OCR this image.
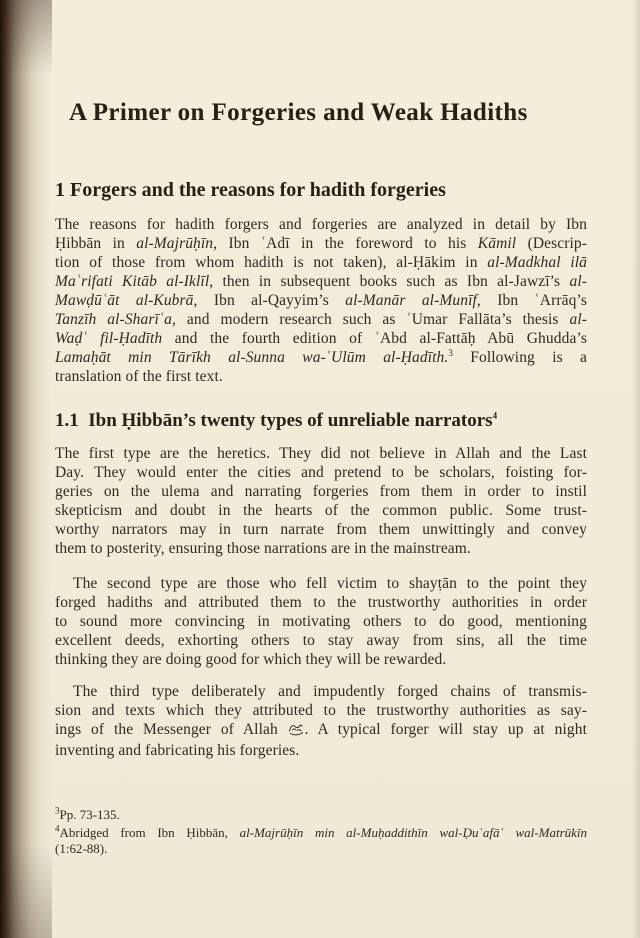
A Primer on Forgeries and Weak Hadiths
1 Forgers and the reasons for hadith forgeries
The reasons for hadith forgers and forgeries are analyzed in detail by Ibn
Ḥibbān in al-Majrūḥīn, Ibn ʿAdī in the foreword to his Kāmil (Descrip-
tion of those from whom hadith is not taken), al-Ḥākim in al-Madkhal ilā
Maʿrifati Kitāb al-Iklīl, then in subsequent books such as Ibn al-Jawzī’s al-
Mawḍūʿāt al-Kubrā, Ibn al-Qayyim’s al-Manār al-Munīf, Ibn ʿArrāq’s
Tanzīh al-Sharīʿa, and modern research such as ʿUmar Fallāta’s thesis al-
Waḍʿ fil-Ḥadīth and the fourth edition of ʿAbd al-Fattāḥ Abū Ghudda’s
Lamaḥāt min Tārīkh al-Sunna wa-ʿUlūm al-Ḥadīth.$^3$ Following is a
translation of the first text.
1.1  Ibn Ḥibbān’s twenty types of unreliable narrators$^4$
The first type are the heretics. They did not believe in Allah and the Last
Day. They would enter the cities and pretend to be scholars, foisting for-
geries on the ulema and narrating forgeries from them in order to instil
skepticism and doubt in the hearts of the common public. Some trust-
worthy narrators may in turn narrate from them unwittingly and convey
them to posterity, ensuring those narrations are in the mainstream.
The second type are those who fell victim to shayṭān to the point they
forged hadiths and attributed them to the trustworthy authorities in order
to sound more convincing in motivating others to do good, mentioning
excellent deeds, exhorting others to stay away from sins, all the time
thinking they are doing good for which they will be rewarded.
The third type deliberately and impudently forged chains of transmis-
sion and texts which they attributed to the trustworthy authorities as say-
ings of the Messenger of Allah . A typical forger will stay up at night
inventing and fabricating his forgeries.
$^3$Pp. 73-135.
$^4$Abridged from Ibn Ḥibbān, al-Majrūḥīn min al-Muḥaddithīn wal-Ḍuʿafāʾ wal-Matrūkīn
(1:62-88).
